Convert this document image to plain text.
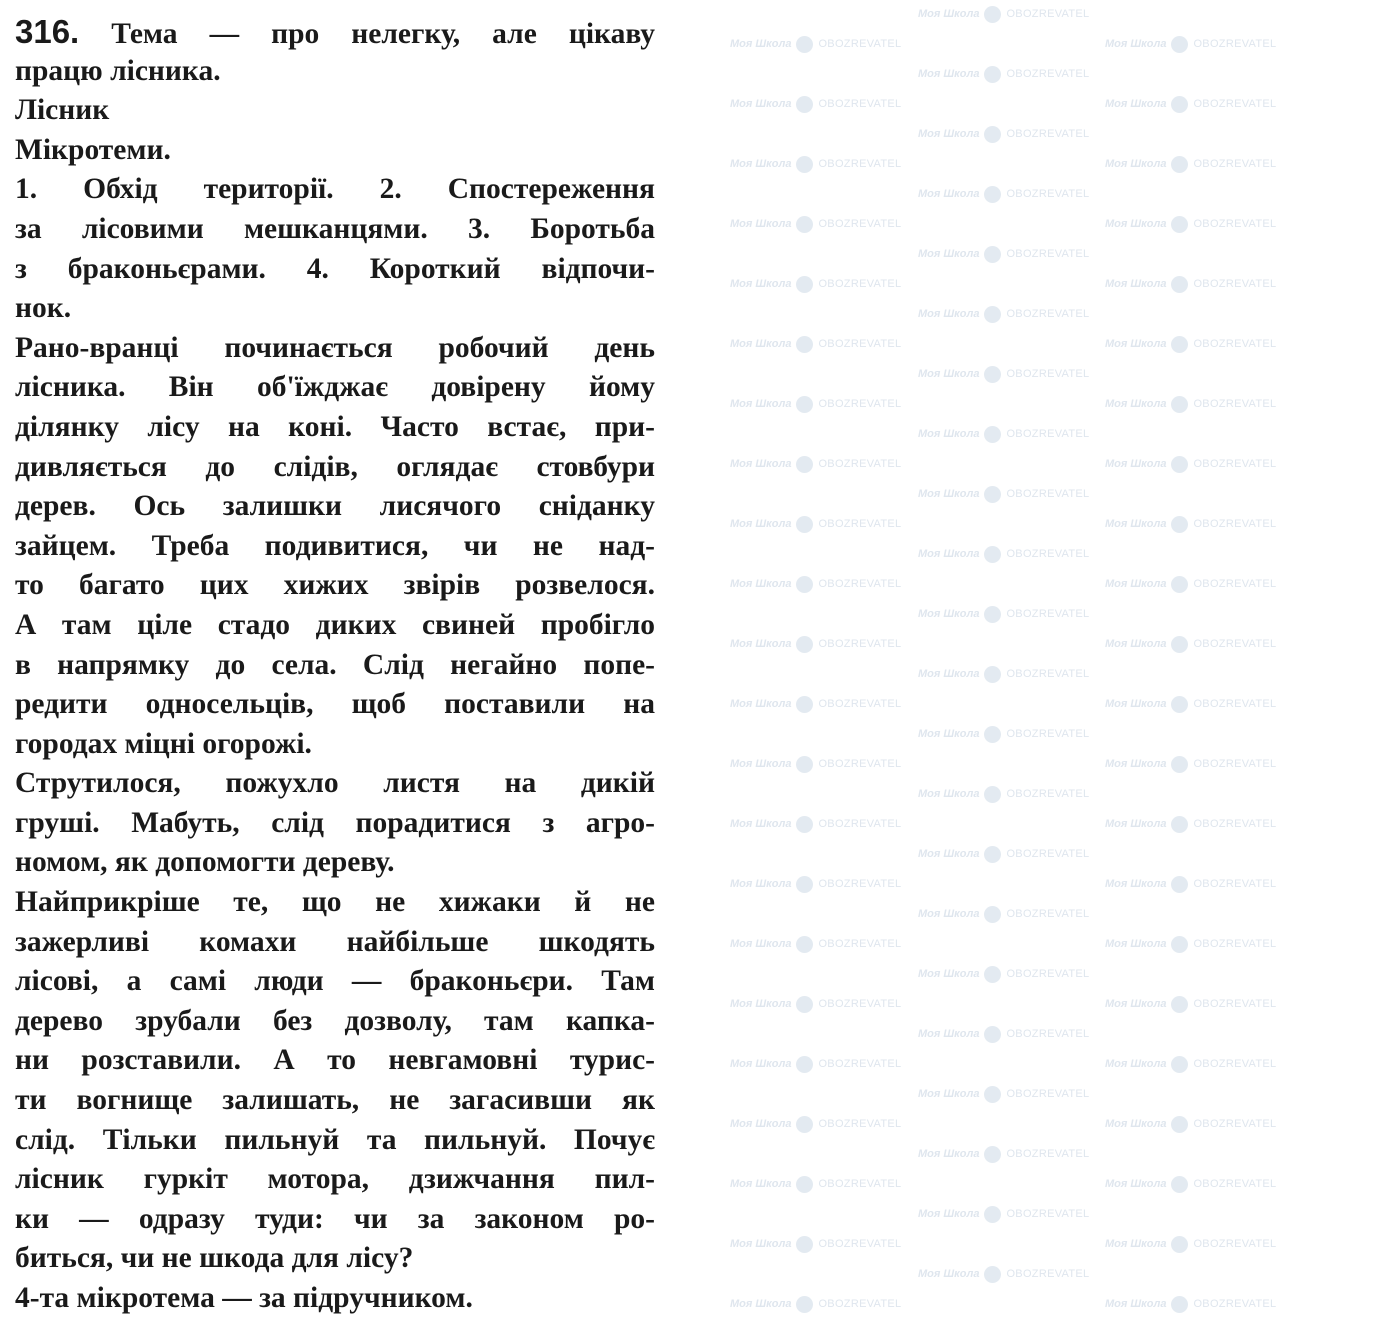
Моя Школа OBOZREVATEL
Моя Школа OBOZREVATEL
Моя Школа OBOZREVATEL
Моя Школа OBOZREVATEL
Моя Школа OBOZREVATEL
Моя Школа OBOZREVATEL
Моя Школа OBOZREVATEL
Моя Школа OBOZREVATEL
Моя Школа OBOZREVATEL
Моя Школа OBOZREVATEL
Моя Школа OBOZREVATEL
Моя Школа OBOZREVATEL
Моя Школа OBOZREVATEL
Моя Школа OBOZREVATEL
Моя Школа OBOZREVATEL
Моя Школа OBOZREVATEL
Моя Школа OBOZREVATEL
Моя Школа OBOZREVATEL
Моя Школа OBOZREVATEL
Моя Школа OBOZREVATEL
Моя Школа OBOZREVATEL
Моя Школа OBOZREVATEL
Моя Школа OBOZREVATEL
Моя Школа OBOZREVATEL
Моя Школа OBOZREVATEL
Моя Школа OBOZREVATEL
Моя Школа OBOZREVATEL
Моя Школа OBOZREVATEL
Моя Школа OBOZREVATEL
Моя Школа OBOZREVATEL
Моя Школа OBOZREVATEL
Моя Школа OBOZREVATEL
Моя Школа OBOZREVATEL
Моя Школа OBOZREVATEL
Моя Школа OBOZREVATEL
Моя Школа OBOZREVATEL
Моя Школа OBOZREVATEL
Моя Школа OBOZREVATEL
Моя Школа OBOZREVATEL
Моя Школа OBOZREVATEL
Моя Школа OBOZREVATEL
Моя Школа OBOZREVATEL
Моя Школа OBOZREVATEL
Моя Школа OBOZREVATEL
Моя Школа OBOZREVATEL
Моя Школа OBOZREVATEL
Моя Школа OBOZREVATEL
Моя Школа OBOZREVATEL
Моя Школа OBOZREVATEL
Моя Школа OBOZREVATEL
Моя Школа OBOZREVATEL
Моя Школа OBOZREVATEL
Моя Школа OBOZREVATEL
Моя Школа OBOZREVATEL
Моя Школа OBOZREVATEL
Моя Школа OBOZREVATEL
Моя Школа OBOZREVATEL
Моя Школа OBOZREVATEL
Моя Школа OBOZREVATEL
Моя Школа OBOZREVATEL
Моя Школа OBOZREVATEL
Моя Школа OBOZREVATEL
Моя Школа OBOZREVATEL
Моя Школа OBOZREVATEL
Моя Школа OBOZREVATEL
Моя Школа OBOZREVATEL
316. Тема — про нелегку, але цікаву
працю лісника.
Лісник
Мікротеми.
1. Обхід території. 2. Спостереження
за лісовими мешканцями. 3. Боротьба
з браконьєрами. 4. Короткий відпочи-
нок.
Рано-вранці починається робочий день
лісника. Він об'їжджає довірену йому
ділянку лісу на коні. Часто встає, при-
дивляється до слідів, оглядає стовбури
дерев. Ось залишки лисячого сніданку
зайцем. Треба подивитися, чи не над-
то багато цих хижих звірів розвелося.
А там ціле стадо диких свиней пробігло
в напрямку до села. Слід негайно попе-
редити односельців, щоб поставили на
городах міцні огорожі.
Струтилося, пожухло листя на дикій
груші. Мабуть, слід порадитися з агро-
номом, як допомогти дереву.
Найприкріше те, що не хижаки й не
зажерливі комахи найбільше шкодять
лісові, а самі люди — браконьєри. Там
дерево зрубали без дозволу, там капка-
ни розставили. А то невгамовні турис-
ти вогнище залишать, не загасивши як
слід. Тільки пильнуй та пильнуй. Почує
лісник гуркіт мотора, дзижчання пил-
ки — одразу туди: чи за законом ро-
биться, чи не шкода для лісу?
4-та мікротема — за підручником.
